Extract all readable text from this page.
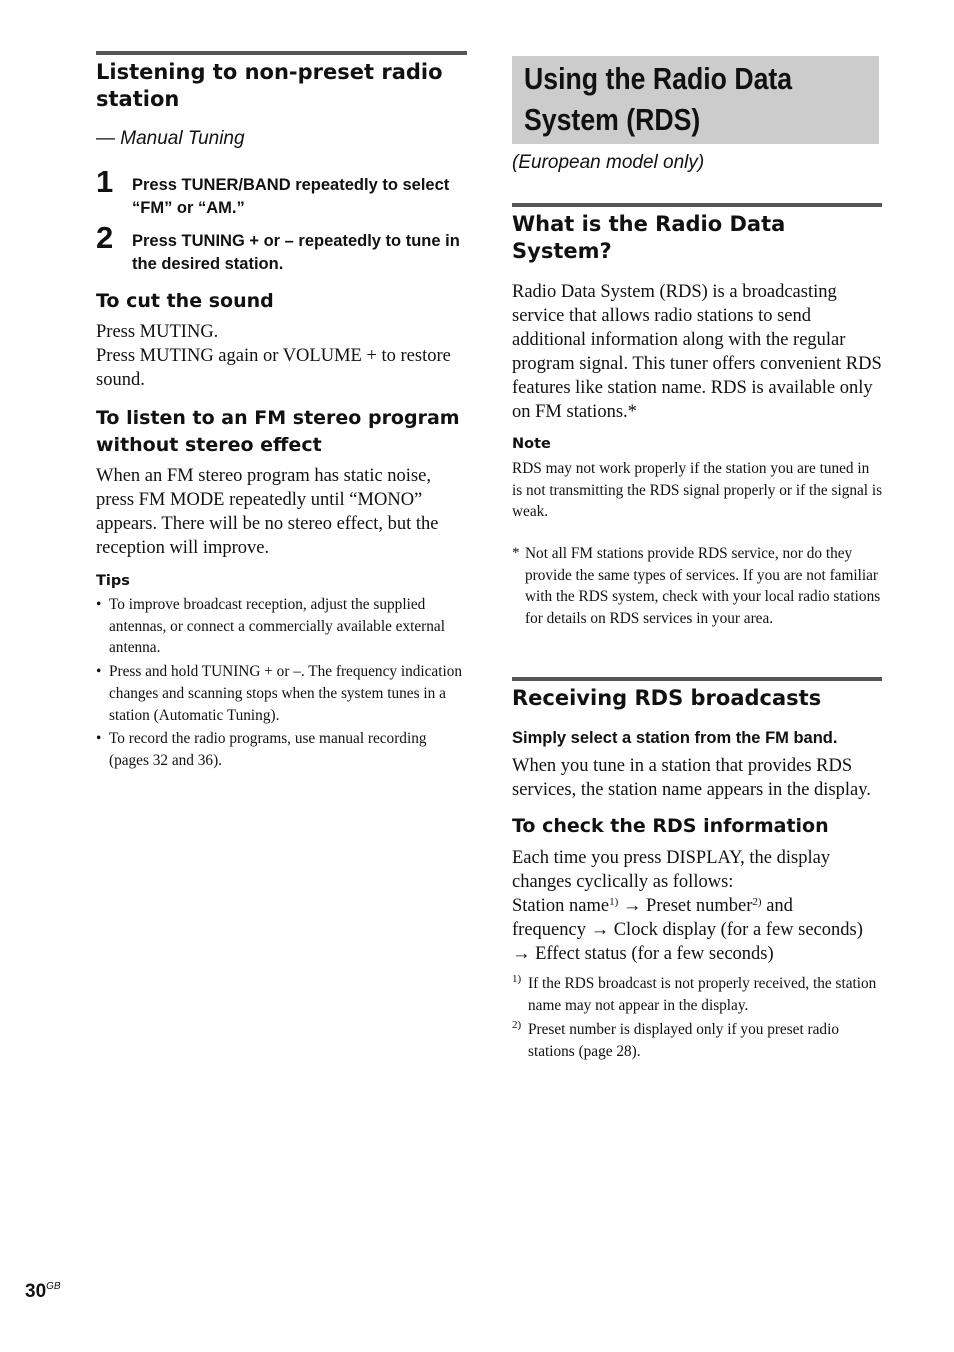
Listening to non-preset radio station
— Manual Tuning
1 Press TUNER/BAND repeatedly to select “FM” or “AM.”
2 Press TUNING + or – repeatedly to tune in the desired station.
To cut the sound

Press MUTING.

Press MUTING again or VOLUME + to restore sound.

To listen to an FM stereo program without stereo effect

When an FM stereo program has static noise, press FM MODE repeatedly until “MONO” appears. There will be no stereo effect, but the reception will improve.

Tips
• To improve broadcast reception, adjust the supplied antennas, or connect a commercially available external antenna.
• Press and hold TUNING + or –. The frequency indication changes and scanning stops when the system tunes in a station (Automatic Tuning).
• To record the radio programs, use manual recording (pages 32 and 36).
Using the Radio Data System (RDS)
(European model only)
What is the Radio Data System?

Radio Data System (RDS) is a broadcasting service that allows radio stations to send additional information along with the regular program signal. This tuner offers convenient RDS features like station name. RDS is available only on FM stations.*

Note

RDS may not work properly if the station you are tuned in is not transmitting the RDS signal properly or if the signal is weak.

* Not all FM stations provide RDS service, nor do they provide the same types of services. If you are not familiar with the RDS system, check with your local radio stations for details on RDS services in your area.
Receiving RDS broadcasts
Simply select a station from the FM band.

When you tune in a station that provides RDS services, the station name appears in the display.

To check the RDS information

Each time you press DISPLAY, the display changes cyclically as follows:

Station name$^{1)}$ → Preset number$^{2)}$ and
frequency → Clock display (for a few seconds)
→ Effect status (for a few seconds)

1) If the RDS broadcast is not properly received, the station name may not appear in the display.
2) Preset number is displayed only if you preset radio stations (page 28).
$30^{GB}$
